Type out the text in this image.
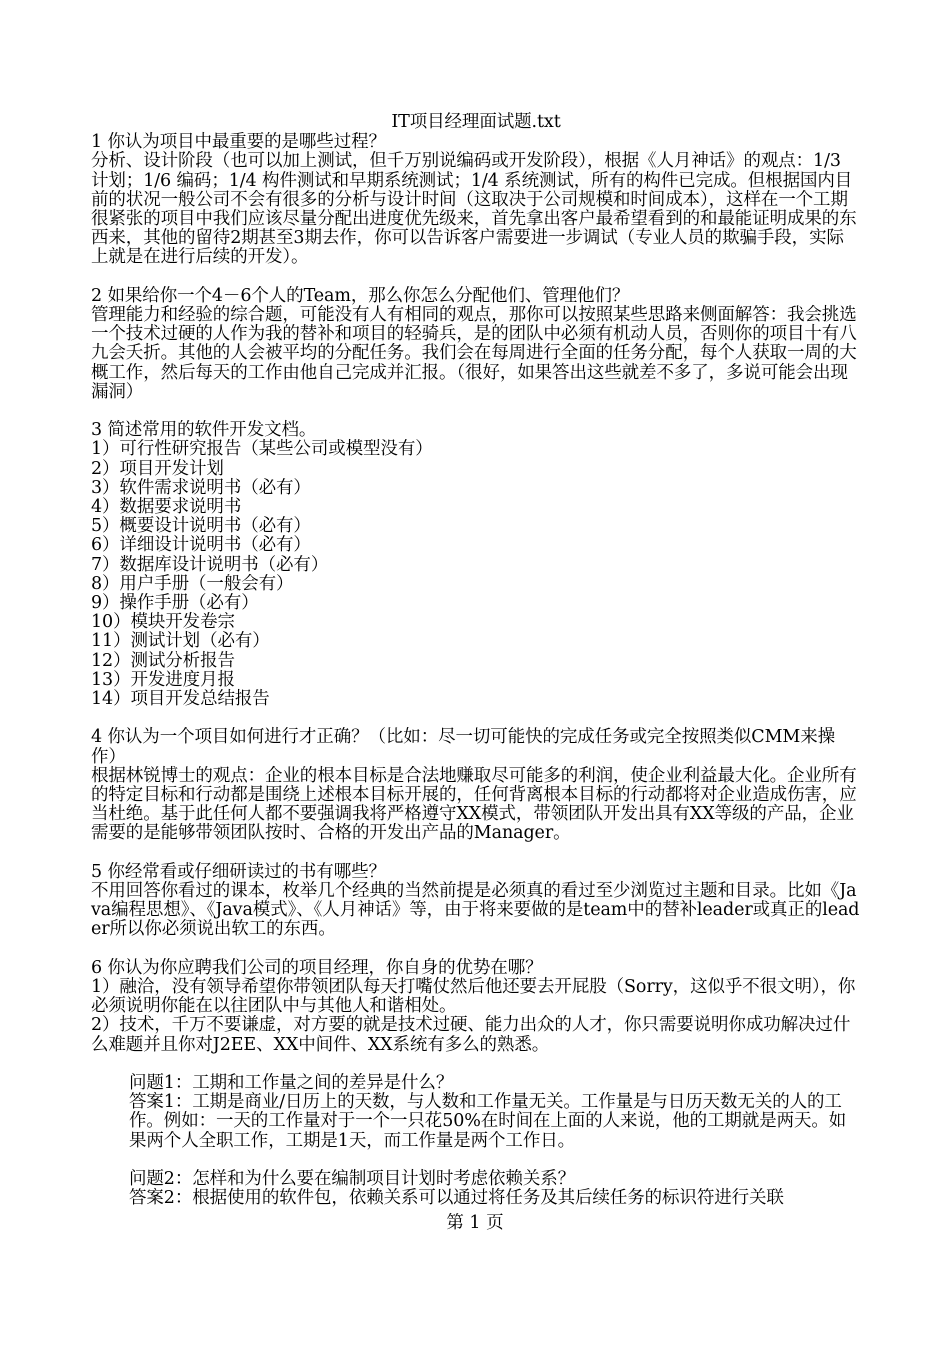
IT项目经理面试题.txt
1 你认为项目中最重要的是哪些过程？
分析、设计阶段（也可以加上测试，但千万别说编码或开发阶段），根据《人月神话》的观点：1/3 计划；1/6 编码；1/4 构件测试和早期系统测试；1/4 系统测试，所有的构件已完成。但根据国内目前的状况一般公司不会有很多的分析与设计时间（这取决于公司规模和时间成本），这样在一个工期很紧张的项目中我们应该尽量分配出进度优先级来，首先拿出客户最希望看到的和最能证明成果的东西来，其他的留待2期甚至3期去作，你可以告诉客户需要进一步调试（专业人员的欺骗手段，实际上就是在进行后续的开发）。
2 如果给你一个4－6个人的Team，那么你怎么分配他们、管理他们？
管理能力和经验的综合题，可能没有人有相同的观点，那你可以按照某些思路来侧面解答：我会挑选一个技术过硬的人作为我的替补和项目的轻骑兵，是的团队中必须有机动人员，否则你的项目十有八九会夭折。其他的人会被平均的分配任务。我们会在每周进行全面的任务分配，每个人获取一周的大概工作，然后每天的工作由他自己完成并汇报。（很好，如果答出这些就差不多了，多说可能会出现漏洞）
3 简述常用的软件开发文档。
1）可行性研究报告（某些公司或模型没有）
2）项目开发计划
3）软件需求说明书（必有）
4）数据要求说明书
5）概要设计说明书（必有）
6）详细设计说明书（必有）
7）数据库设计说明书（必有）
8）用户手册（一般会有）
9）操作手册（必有）
10）模块开发卷宗
11）测试计划（必有）
12）测试分析报告
13）开发进度月报
14）项目开发总结报告
4 你认为一个项目如何进行才正确？（比如：尽一切可能快的完成任务或完全按照类似CMM来操作）
根据林锐博士的观点：企业的根本目标是合法地赚取尽可能多的利润，使企业利益最大化。企业所有的特定目标和行动都是围绕上述根本目标开展的，任何背离根本目标的行动都将对企业造成伤害，应当杜绝。基于此任何人都不要强调我将严格遵守XX模式，带领团队开发出具有XX等级的产品，企业需要的是能够带领团队按时、合格的开发出产品的Manager。
5 你经常看或仔细研读过的书有哪些？
不用回答你看过的课本，枚举几个经典的当然前提是必须真的看过至少浏览过主题和目录。比如《Java编程思想》、《Java模式》、《人月神话》等，由于将来要做的是team中的替补leader或真正的leader所以你必须说出软工的东西。
6 你认为你应聘我们公司的项目经理，你自身的优势在哪？
1）融洽，没有领导希望你带领团队每天打嘴仗然后他还要去开屁股（Sorry，这似乎不很文明），你必须说明你能在以往团队中与其他人和谐相处。
2）技术，千万不要谦虚，对方要的就是技术过硬、能力出众的人才，你只需要说明你成功解决过什么难题并且你对J2EE、XX中间件、XX系统有多么的熟悉。
问题1：工期和工作量之间的差异是什么？
答案1：工期是商业/日历上的天数，与人数和工作量无关。工作量是与日历天数无关的人的工作。例如：一天的工作量对于一个一只花50%在时间在上面的人来说，他的工期就是两天。如果两个人全职工作，工期是1天，而工作量是两个工作日。
问题2：怎样和为什么要在编制项目计划时考虑依赖关系？
答案2：根据使用的软件包，依赖关系可以通过将任务及其后续任务的标识符进行关联
第 1 页
